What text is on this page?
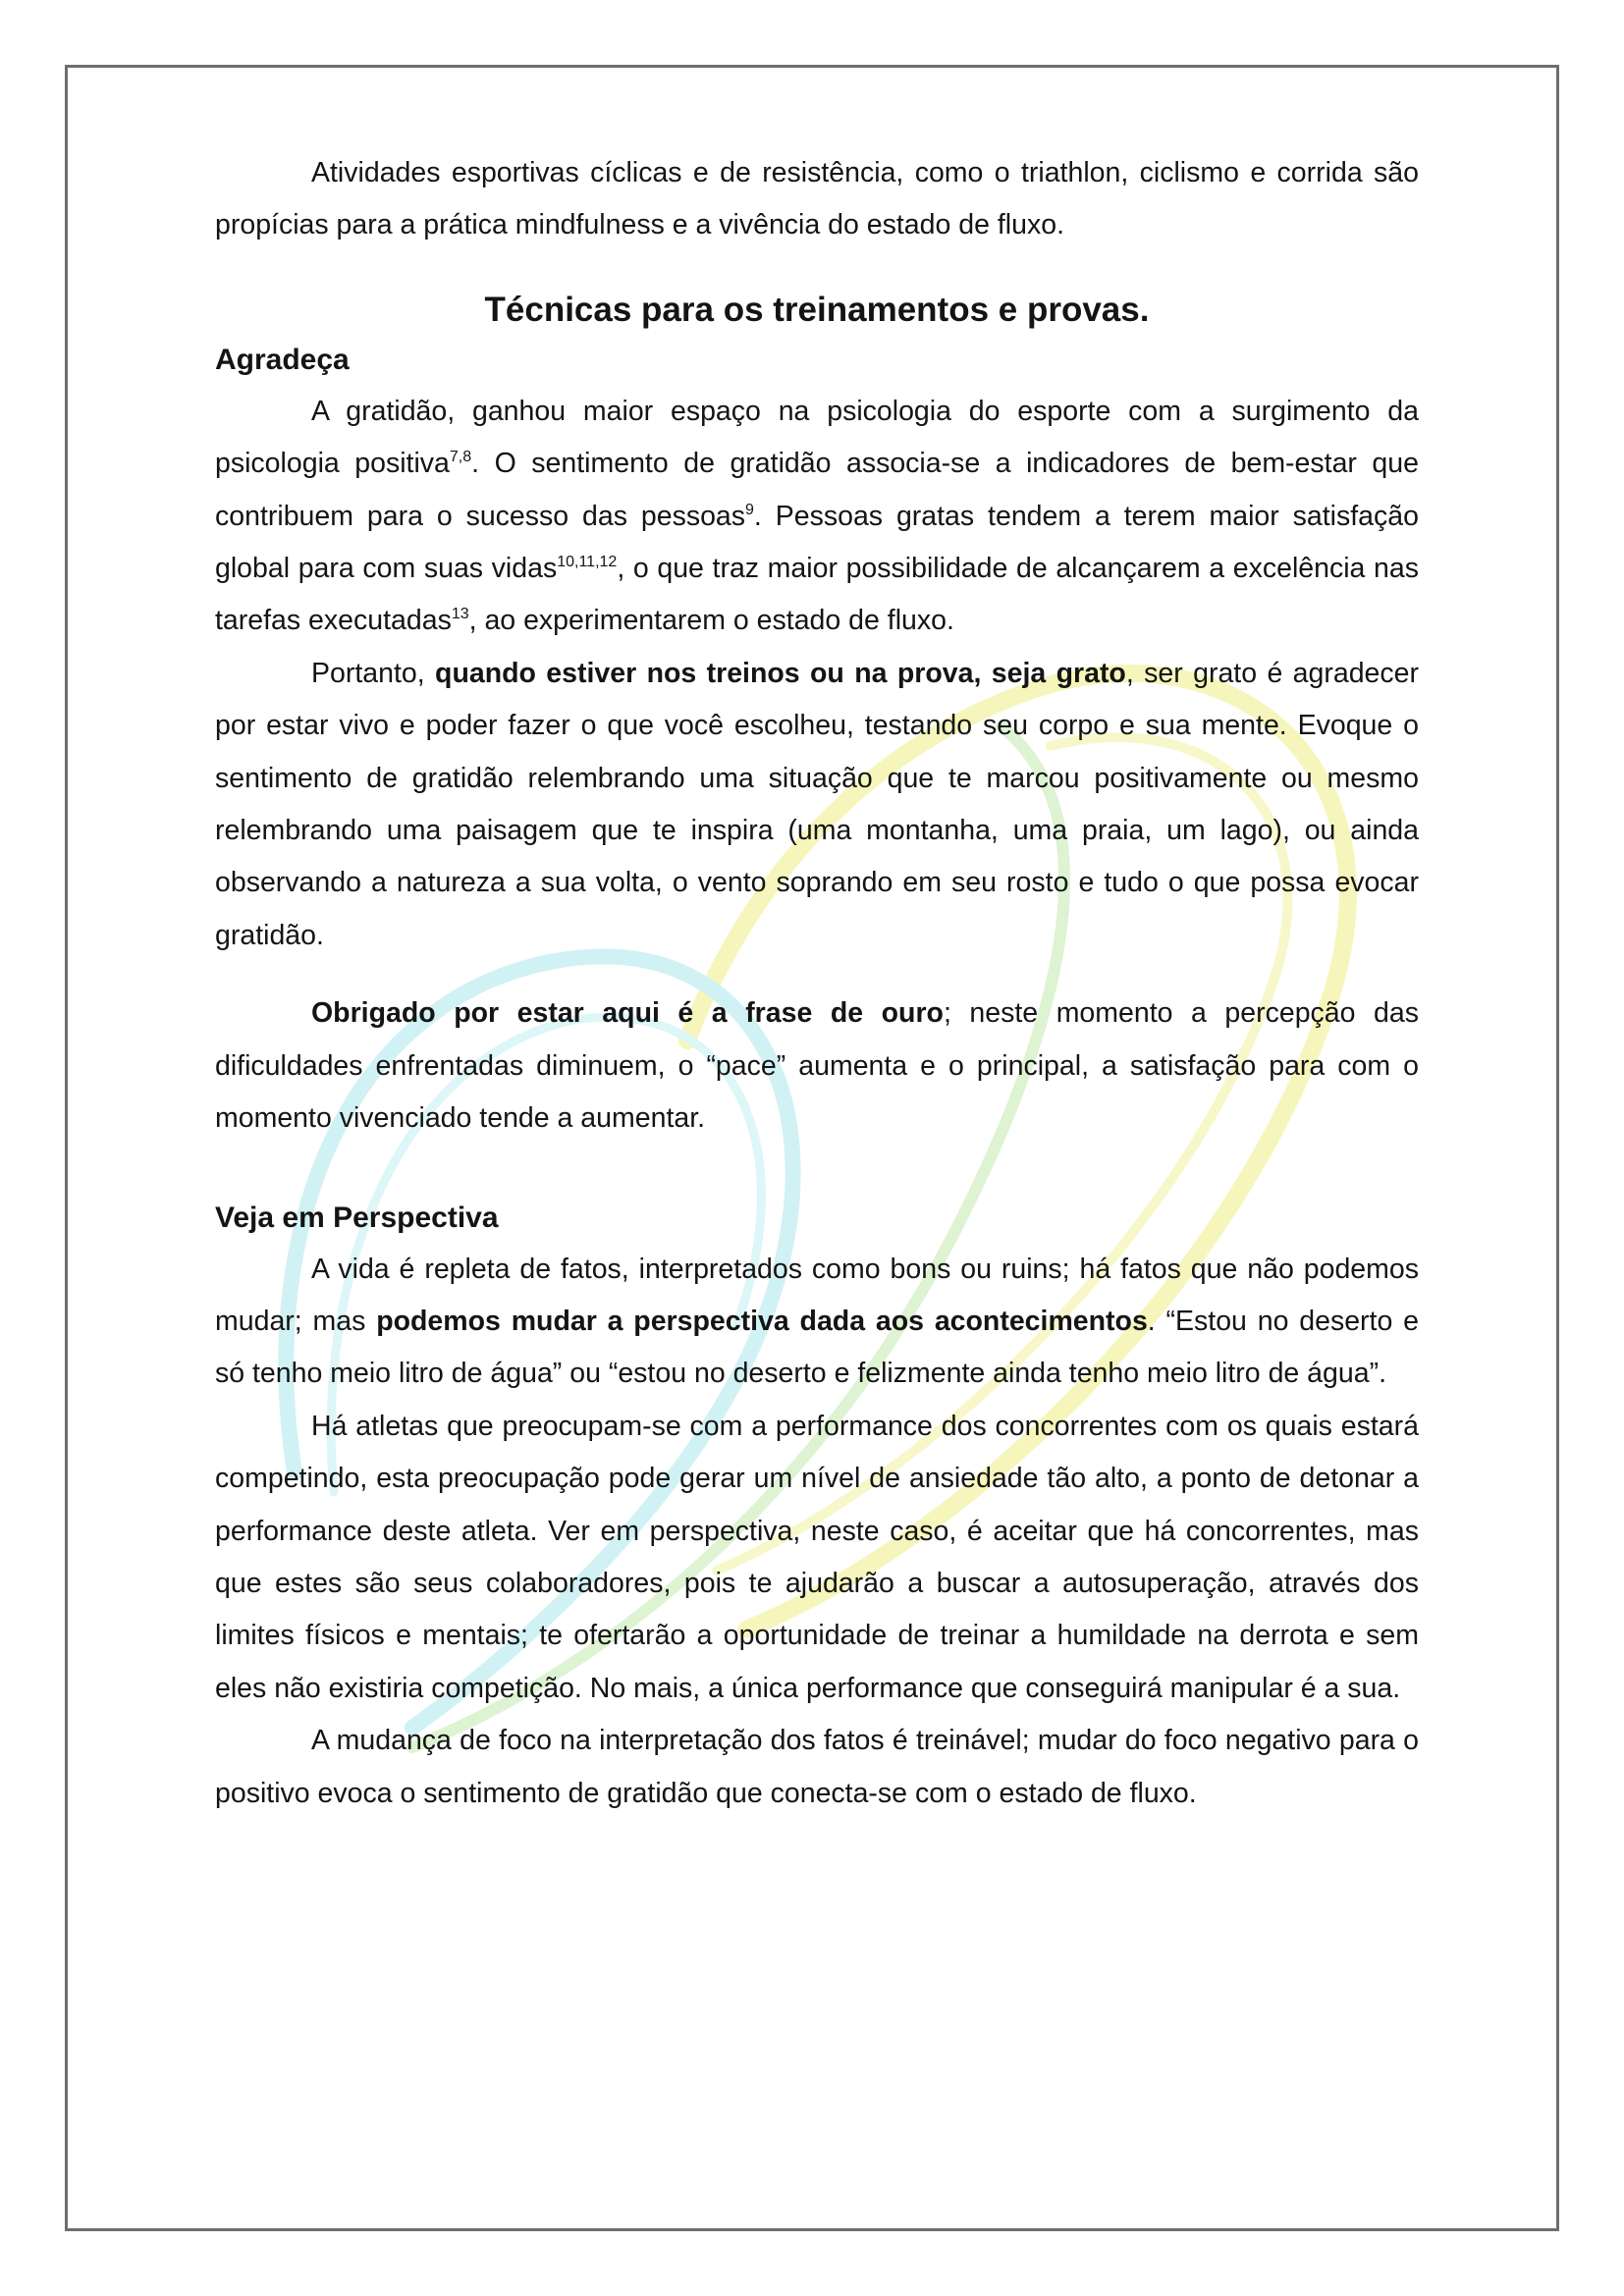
Atividades esportivas cíclicas e de resistência, como o triathlon, ciclismo e corrida são propícias para a prática mindfulness e a vivência do estado de fluxo.

Técnicas para os treinamentos e provas.
Agradeça

A gratidão, ganhou maior espaço na psicologia do esporte com a surgimento da psicologia positiva$^{7,8}$. O sentimento de gratidão associa-se a indicadores de bem-estar que contribuem para o sucesso das pessoas$^9$. Pessoas gratas tendem a terem maior satisfação global para com suas vidas$^{10,11,12}$, o que traz maior possibilidade de alcançarem a excelência nas tarefas executadas$^{13}$, ao experimentarem o estado de fluxo.

Portanto, quando estiver nos treinos ou na prova, seja grato, ser grato é agradecer por estar vivo e poder fazer o que você escolheu, testando seu corpo e sua mente. Evoque o sentimento de gratidão relembrando uma situação que te marcou positivamente ou mesmo relembrando uma paisagem que te inspira (uma montanha, uma praia, um lago), ou ainda observando a natureza a sua volta, o vento soprando em seu rosto e tudo o que possa evocar gratidão.

Obrigado por estar aqui é a frase de ouro; neste momento a percepção das dificuldades enfrentadas diminuem, o “pace” aumenta e o principal, a satisfação para com o momento vivenciado tende a aumentar.

Veja em Perspectiva

A vida é repleta de fatos, interpretados como bons ou ruins; há fatos que não podemos mudar; mas podemos mudar a perspectiva dada aos acontecimentos. “Estou no deserto e só tenho meio litro de água” ou “estou no deserto e felizmente ainda tenho meio litro de água”.

Há atletas que preocupam-se com a performance dos concorrentes com os quais estará competindo, esta preocupação pode gerar um nível de ansiedade tão alto, a ponto de detonar a performance deste atleta. Ver em perspectiva, neste caso, é aceitar que há concorrentes, mas que estes são seus colaboradores, pois te ajudarão a buscar a autosuperação, através dos limites físicos e mentais; te ofertarão a oportunidade de treinar a humildade na derrota e sem eles não existiria competição. No mais, a única performance que conseguirá manipular é a sua.

A mudança de foco na interpretação dos fatos é treinável; mudar do foco negativo para o positivo evoca o sentimento de gratidão que conecta-se com o estado de fluxo.
